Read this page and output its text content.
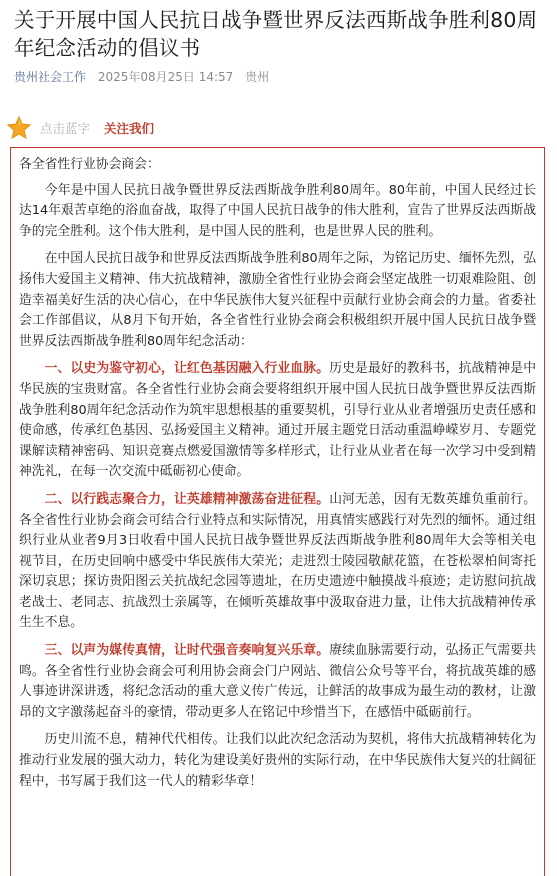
关于开展中国人民抗日战争暨世界反法西斯战争胜利80周年纪念活动的倡议书
贵州社会工作 2025年08月25日 14:57 贵州
点击蓝字 关注我们

各全省性行业协会商会：

今年是中国人民抗日战争暨世界反法西斯战争胜利80周年。80年前，中国人民经过长达14年艰苦卓绝的浴血奋战，取得了中国人民抗日战争的伟大胜利，宣告了世界反法西斯战争的完全胜利。这个伟大胜利，是中国人民的胜利，也是世界人民的胜利。

在中国人民抗日战争和世界反法西斯战争胜利80周年之际，为铭记历史、缅怀先烈，弘扬伟大爱国主义精神、伟大抗战精神，激励全省性行业协会商会坚定战胜一切艰难险阻、创造幸福美好生活的决心信心，在中华民族伟大复兴征程中贡献行业协会商会的力量。省委社会工作部倡议，从8月下旬开始，各全省性行业协会商会积极组织开展中国人民抗日战争暨世界反法西斯战争胜利80周年纪念活动：

一、以史为鉴守初心，让红色基因融入行业血脉。历史是最好的教科书，抗战精神是中华民族的宝贵财富。各全省性行业协会商会要将组织开展中国人民抗日战争暨世界反法西斯战争胜利80周年纪念活动作为筑牢思想根基的重要契机，引导行业从业者增强历史责任感和使命感，传承红色基因、弘扬爱国主义精神。通过开展主题党日活动重温峥嵘岁月、专题党课解读精神密码、知识竞赛点燃爱国激情等多样形式，让行业从业者在每一次学习中受到精神洗礼，在每一次交流中砥砺初心使命。

二、以行践志聚合力，让英雄精神激荡奋进征程。山河无恙，因有无数英雄负重前行。各全省性行业协会商会可结合行业特点和实际情况，用真情实感践行对先烈的缅怀。通过组织行业从业者9月3日收看中国人民抗日战争暨世界反法西斯战争胜利80周年大会等相关电视节目，在历史回响中感受中华民族伟大荣光；走进烈士陵园敬献花篮，在苍松翠柏间寄托深切哀思；探访贵阳图云关抗战纪念园等遗址，在历史遗迹中触摸战斗痕迹；走访慰问抗战老战士、老同志、抗战烈士亲属等，在倾听英雄故事中汲取奋进力量，让伟大抗战精神传承生生不息。

三、以声为媒传真情，让时代强音奏响复兴乐章。赓续血脉需要行动，弘扬正气需要共鸣。各全省性行业协会商会可利用协会商会门户网站、微信公众号等平台，将抗战英雄的感人事迹讲深讲透，将纪念活动的重大意义传广传远，让鲜活的故事成为最生动的教材，让激昂的文字激荡起奋斗的豪情，带动更多人在铭记中珍惜当下，在感悟中砥砺前行。

历史川流不息，精神代代相传。让我们以此次纪念活动为契机，将伟大抗战精神转化为推动行业发展的强大动力，转化为建设美好贵州的实际行动，在中华民族伟大复兴的壮阔征程中，书写属于我们这一代人的精彩华章！
